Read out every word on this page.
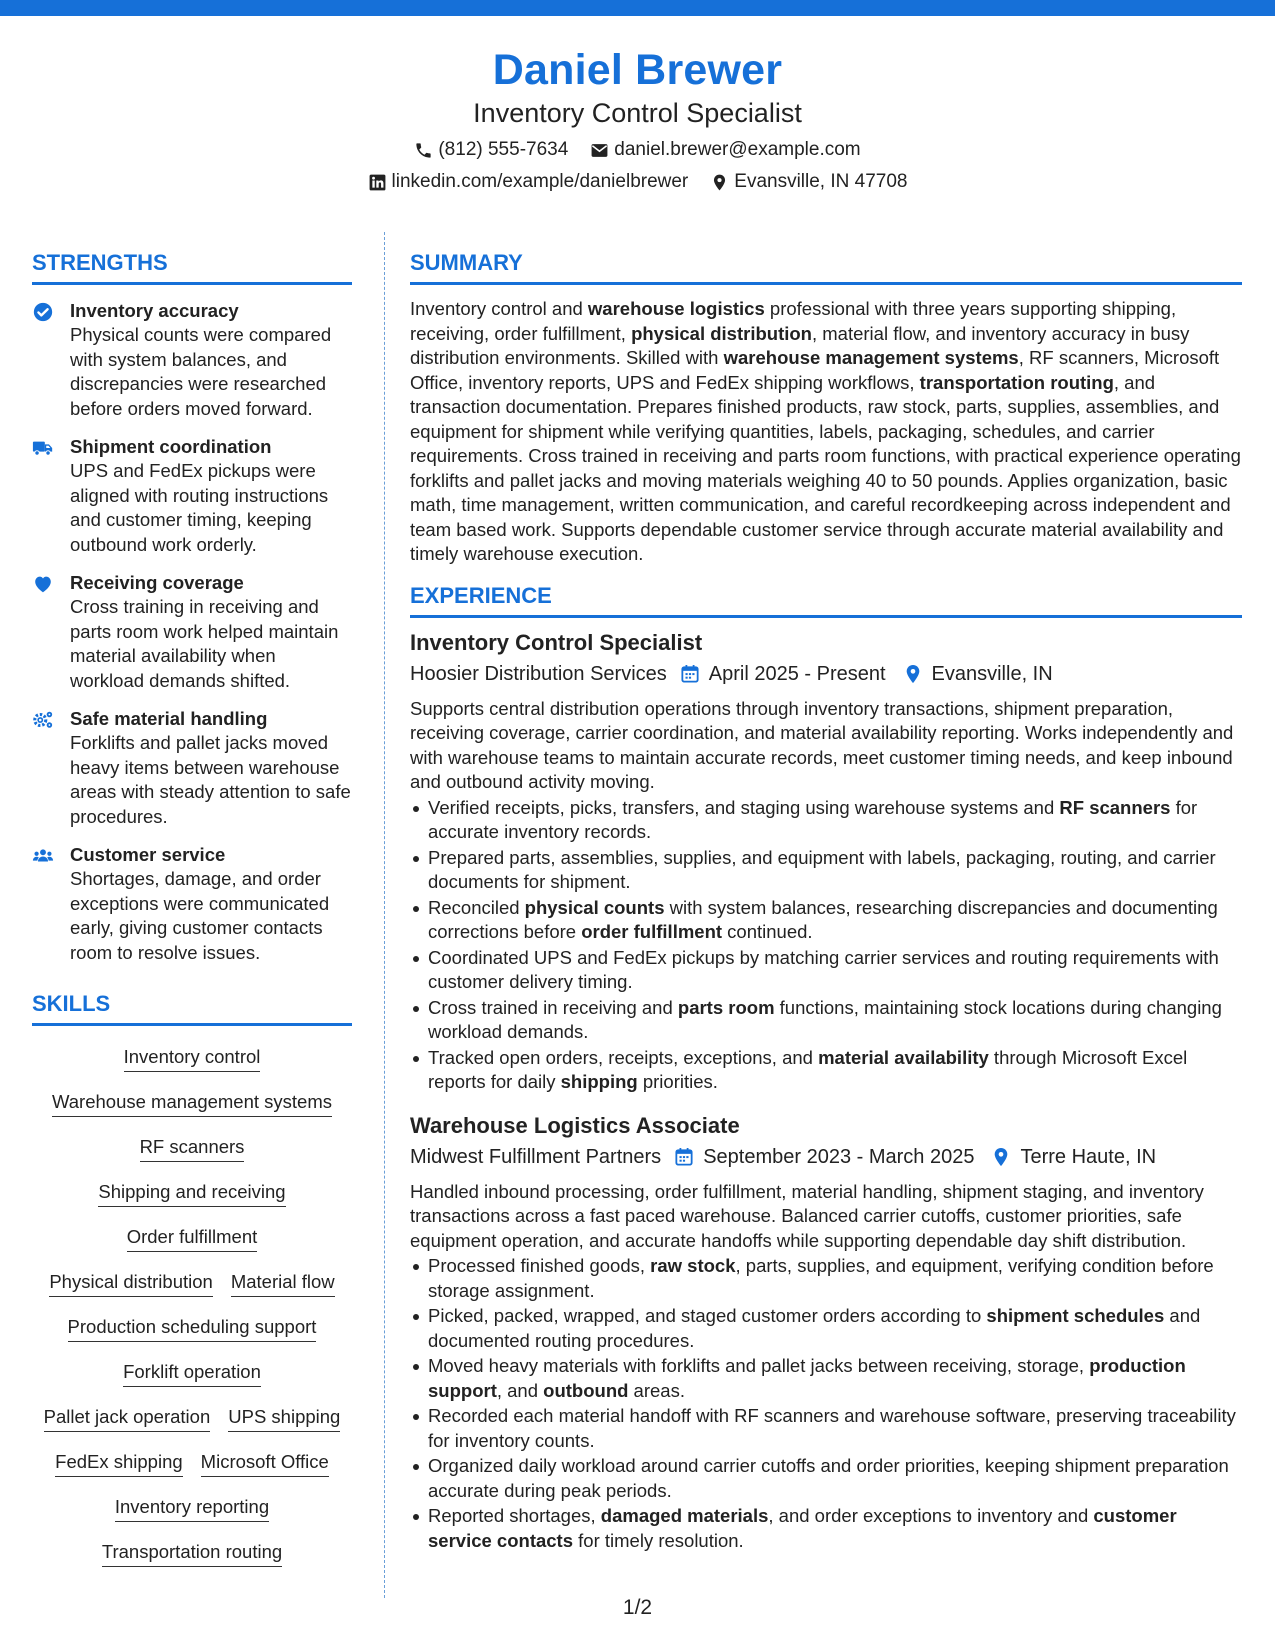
Daniel Brewer
Inventory Control Specialist
(812) 555-7634 daniel.brewer@example.com
linkedin.com/example/danielbrewer Evansville, IN 47708
STRENGTHS
Inventory accuracy
Physical counts were compared with system balances, and discrepancies were researched before orders moved forward.
Shipment coordination
UPS and FedEx pickups were aligned with routing instructions and customer timing, keeping outbound work orderly.
Receiving coverage
Cross training in receiving and parts room work helped maintain material availability when workload demands shifted.
Safe material handling
Forklifts and pallet jacks moved heavy items between warehouse areas with steady attention to safe procedures.
Customer service
Shortages, damage, and order exceptions were communicated early, giving customer contacts room to resolve issues.
SKILLS
Inventory control
Warehouse management systems
RF scanners
Shipping and receiving
Order fulfillment
Physical distribution Material flow
Production scheduling support
Forklift operation
Pallet jack operation UPS shipping
FedEx shipping Microsoft Office
Inventory reporting
Transportation routing
SUMMARY
Inventory control and warehouse logistics professional with three years supporting shipping, receiving, order fulfillment, physical distribution, material flow, and inventory accuracy in busy distribution environments. Skilled with warehouse management systems, RF scanners, Microsoft Office, inventory reports, UPS and FedEx shipping workflows, transportation routing, and transaction documentation. Prepares finished products, raw stock, parts, supplies, assemblies, and equipment for shipment while verifying quantities, labels, packaging, schedules, and carrier requirements. Cross trained in receiving and parts room functions, with practical experience operating forklifts and pallet jacks and moving materials weighing 40 to 50 pounds. Applies organization, basic math, time management, written communication, and careful recordkeeping across independent and team based work. Supports dependable customer service through accurate material availability and timely warehouse execution.
EXPERIENCE
Inventory Control Specialist
Hoosier Distribution Services April 2025 - Present Evansville, IN
Supports central distribution operations through inventory transactions, shipment preparation, receiving coverage, carrier coordination, and material availability reporting. Works independently and with warehouse teams to maintain accurate records, meet customer timing needs, and keep inbound and outbound activity moving.
Verified receipts, picks, transfers, and staging using warehouse systems and RF scanners for accurate inventory records.
Prepared parts, assemblies, supplies, and equipment with labels, packaging, routing, and carrier documents for shipment.
Reconciled physical counts with system balances, researching discrepancies and documenting corrections before order fulfillment continued.
Coordinated UPS and FedEx pickups by matching carrier services and routing requirements with customer delivery timing.
Cross trained in receiving and parts room functions, maintaining stock locations during changing workload demands.
Tracked open orders, receipts, exceptions, and material availability through Microsoft Excel reports for daily shipping priorities.
Warehouse Logistics Associate
Midwest Fulfillment Partners September 2023 - March 2025 Terre Haute, IN
Handled inbound processing, order fulfillment, material handling, shipment staging, and inventory transactions across a fast paced warehouse. Balanced carrier cutoffs, customer priorities, safe equipment operation, and accurate handoffs while supporting dependable day shift distribution.
Processed finished goods, raw stock, parts, supplies, and equipment, verifying condition before storage assignment.
Picked, packed, wrapped, and staged customer orders according to shipment schedules and documented routing procedures.
Moved heavy materials with forklifts and pallet jacks between receiving, storage, production support, and outbound areas.
Recorded each material handoff with RF scanners and warehouse software, preserving traceability for inventory counts.
Organized daily workload around carrier cutoffs and order priorities, keeping shipment preparation accurate during peak periods.
Reported shortages, damaged materials, and order exceptions to inventory and customer service contacts for timely resolution.
1/2
